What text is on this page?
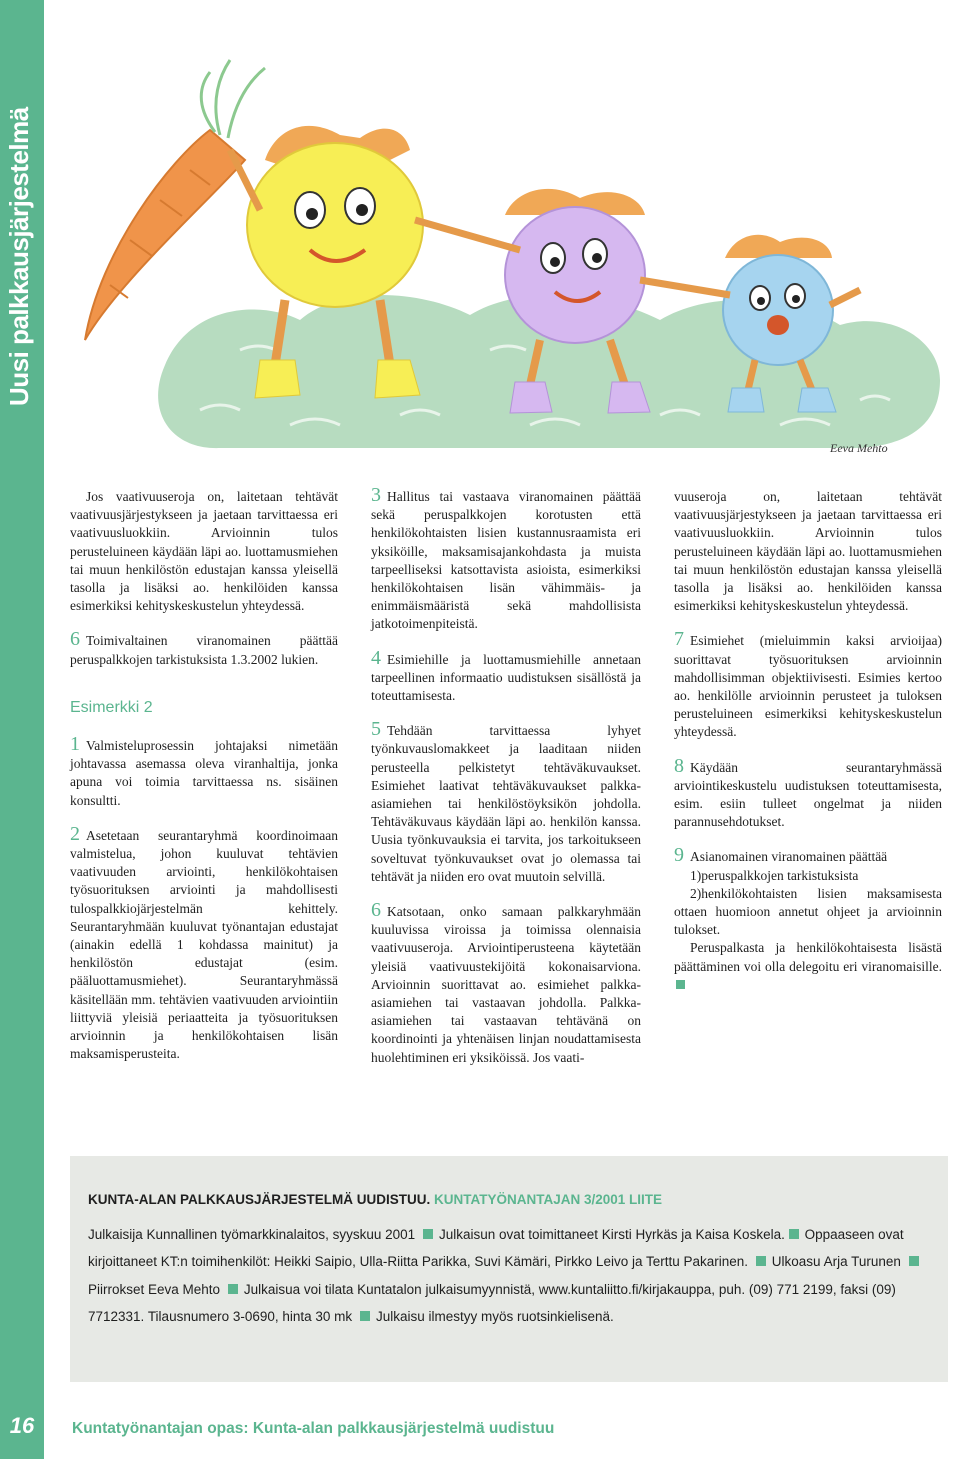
Uusi palkkausjärjestelmä
16
Eeva Mehto

Jos vaativuuseroja on, laitetaan tehtävät vaativuusjärjestykseen ja jaetaan tarvittaessa eri vaativuusluokkiin. Arvioinnin tulos perusteluineen käydään läpi ao. luottamusmiehen tai muun henkilöstön edustajan kanssa yleisellä tasolla ja lisäksi ao. henkilöiden kanssa esimerkiksi kehityskeskustelun yhteydessä.

6 Toimivaltainen viranomainen päättää peruspalkkojen tarkistuksista 1.3.2002 lukien.

Esimerkki 2

1 Valmisteluprosessin johtajaksi nimetään johtavassa asemassa oleva viranhaltija, jonka apuna voi toimia tarvittaessa ns. sisäinen konsultti.

2 Asetetaan seurantaryhmä koordinoimaan valmistelua, johon kuuluvat tehtävien vaativuuden arviointi, henkilökohtaisen työsuorituksen arviointi ja mahdollisesti tulospalkkiojärjestelmän kehittely. Seurantaryhmään kuuluvat työnantajan edustajat (ainakin edellä 1 kohdassa mainitut) ja henkilöstön edustajat (esim. pääluottamusmiehet). Seurantaryhmässä käsitellään mm. tehtävien vaativuuden arviointiin liittyviä yleisiä periaatteita ja työsuorituksen arvioinnin ja henkilökohtaisen lisän maksamisperusteita.

3 Hallitus tai vastaava viranomainen päättää sekä peruspalkkojen korotusten että henkilökohtaisten lisien kustannusraamista eri yksiköille, maksamisajankohdasta ja muista tarpeelliseksi katsottavista asioista, esimerkiksi henkilökohtaisen lisän vähimmäis- ja enimmäismääristä sekä mahdollisista jatkotoimenpiteistä.

4 Esimiehille ja luottamusmiehille annetaan tarpeellinen informaatio uudistuksen sisällöstä ja toteuttamisesta.

5 Tehdään tarvittaessa lyhyet työnkuvauslomakkeet ja laaditaan niiden perusteella pelkistetyt tehtäväkuvaukset. Esimiehet laativat tehtäväkuvaukset palkka-asiamiehen tai henkilöstöyksikön johdolla. Tehtäväkuvaus käydään läpi ao. henkilön kanssa. Uusia työnkuvauksia ei tarvita, jos tarkoitukseen soveltuvat työnkuvaukset ovat jo olemassa tai tehtävät ja niiden ero ovat muutoin selvillä.

6 Katsotaan, onko samaan palkkaryhmään kuuluvissa viroissa ja toimissa olennaisia vaativuuseroja. Arviointiperusteena käytetään yleisiä vaativuustekijöitä kokonaisarviona. Arvioinnin suorittavat ao. esimiehet palkka-asiamiehen tai vastaavan johdolla. Palkka-asiamiehen tai vastaavan tehtävänä on koordinointi ja yhtenäisen linjan noudattamisesta huolehtiminen eri yksiköissä. Jos vaati-

vuuseroja on, laitetaan tehtävät vaativuusjärjestykseen ja jaetaan tarvittaessa eri vaativuusluokkiin. Arvioinnin tulos perusteluineen käydään läpi ao. luottamusmiehen tai muun henkilöstön edustajan kanssa yleisellä tasolla ja lisäksi ao. henkilöiden kanssa esimerkiksi kehityskeskustelun yhteydessä.

7 Esimiehet (mieluimmin kaksi arvioijaa) suorittavat työsuorituksen arvioinnin mahdollisimman objektiivisesti. Esimies kertoo ao. henkilölle arvioinnin perusteet ja tuloksen perusteluineen esimerkiksi kehityskeskustelun yhteydessä.

8 Käydään seurantaryhmässä arviointikeskustelu uudistuksen toteuttamisesta, esim. esiin tulleet ongelmat ja niiden parannusehdotukset.

9 Asianomainen viranomainen päättää

1)peruspalkkojen tarkistuksista

2)henkilökohtaisten lisien maksamisesta ottaen huomioon annetut ohjeet ja arvioinnin tulokset.

Peruspalkasta ja henkilökohtaisesta lisästä päättäminen voi olla delegoitu eri viranomaisille.

KUNTA-ALAN PALKKAUSJÄRJESTELMÄ UUDISTUU. KUNTATYÖNANTAJAN 3/2001 LIITE
Julkaisija Kunnallinen työmarkkinalaitos, syyskuu 2001 Julkaisun ovat toimittaneet Kirsti Hyrkäs ja Kaisa Koskela. Oppaaseen ovat kirjoittaneet KT:n toimihenkilöt: Heikki Saipio, Ulla-Riitta Parikka, Suvi Kämäri, Pirkko Leivo ja Terttu Pakarinen. Ulkoasu Arja Turunen Piirrokset Eeva Mehto Julkaisua voi tilata Kuntatalon julkaisumyynnistä, www.kuntaliitto.fi/kirjakauppa, puh. (09) 771 2199, faksi (09) 7712331. Tilausnumero 3-0690, hinta 30 mk Julkaisu ilmestyy myös ruotsinkielisenä.
Kuntatyönantajan opas: Kunta-alan palkkausjärjestelmä uudistuu
